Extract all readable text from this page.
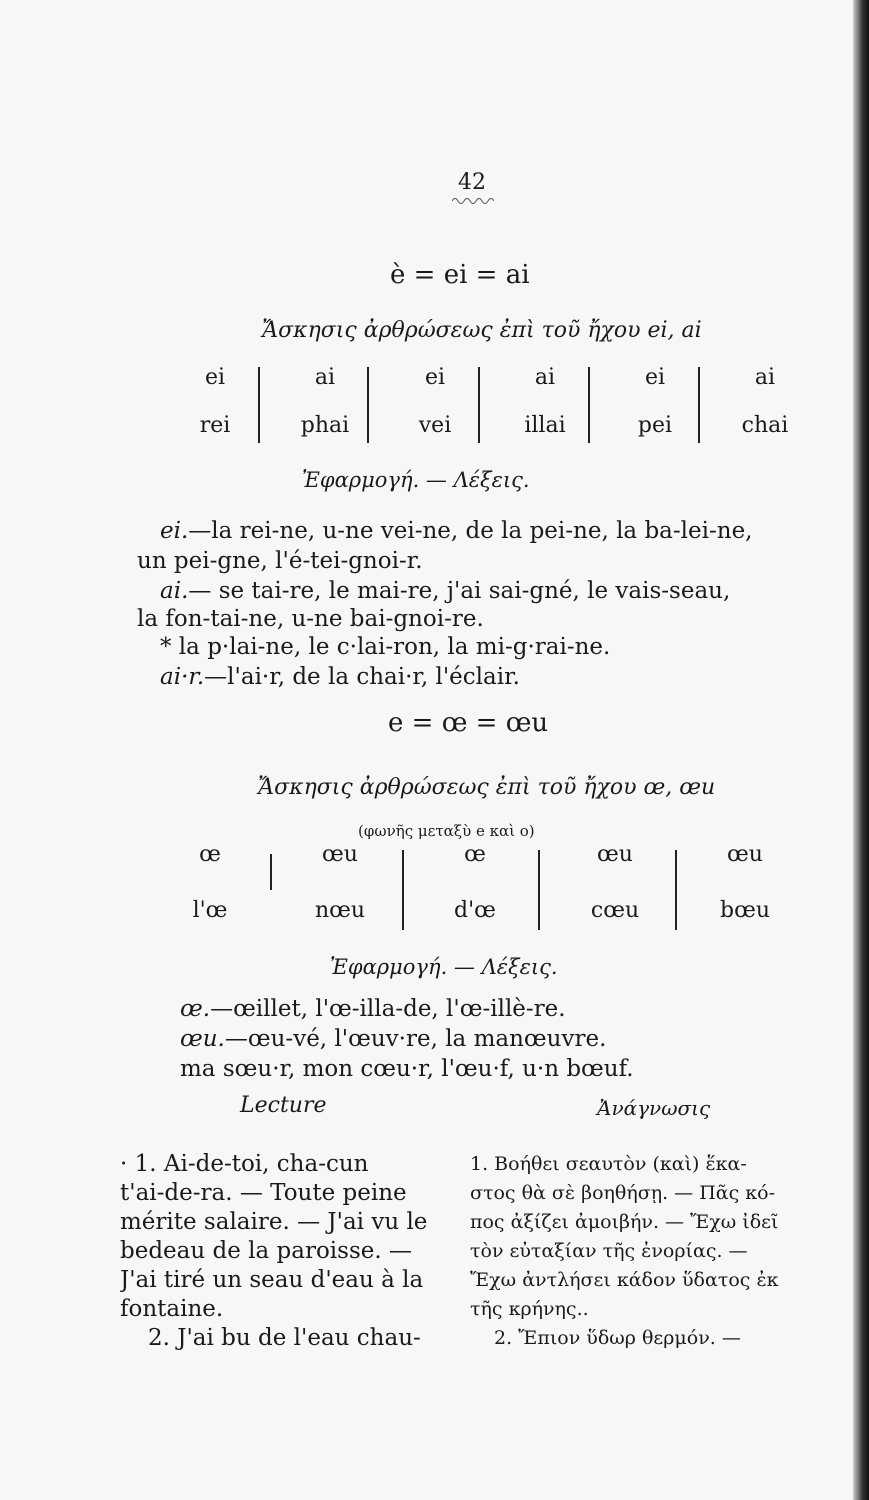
42
è = ei = ai
Ἄσκησις ἀρθρώσεως ἐπὶ τοῦ ἤχου ei, ai
ei	ai	ei	ai	ei	ai
rei	phai	vei	illai	pei	chai
Ἐφαρμογή. — Λέξεις.
ei.—la rei-ne, u-ne vei-ne, de la pei-ne, la ba-lei-ne,
un pei-gne, l'é-tei-gnoi-r.
ai.— se tai-re, le mai-re, j'ai sai-gné, le vais-seau,
la fon-tai-ne, u-ne bai-gnoi-re.
* la p·lai-ne, le c·lai-ron, la mi-g·rai-ne.
ai·r.—l'ai·r, de la chai·r, l'éclair.
e = œ = œu
Ἄσκησις ἀρθρώσεως ἐπὶ τοῦ ἤχου œ, œu
(φωνῆς μεταξὺ e καὶ o)
œ	œu	œ	œu	œu
l'œ	nœu	d'œ	cœu	bœu
Ἐφαρμογή. — Λέξεις.
œ.—œillet, l'œ-illa-de, l'œ-illè-re.
œu.—œu-vé, l'œuv·re, la manœuvre.
ma sœu·r, mon cœu·r, l'œu·f, u·n bœuf.
Lecture	Ἀνάγνωσις
· 1. Ai-de-toi, cha-cun
t'ai-de-ra. — Toute peine
mérite salaire. — J'ai vu le
bedeau de la paroisse. —
J'ai tiré un seau d'eau à la
fontaine.
2. J'ai bu de l'eau chau-
1. Βοήθει σεαυτὸν (καὶ) ἕκα-
στος θὰ σὲ βοηθήσῃ. — Πᾶς κό-
πος ἀξίζει ἀμοιβήν. — Ἔχω ἰδεῖ
τὸν εὐταξίαν τῆς ἐνορίας. —
Ἔχω ἀντλήσει κάδον ὕδατος ἐκ
τῆς κρήνης..
2. Ἔπιον ὕδωρ θερμόν. —
